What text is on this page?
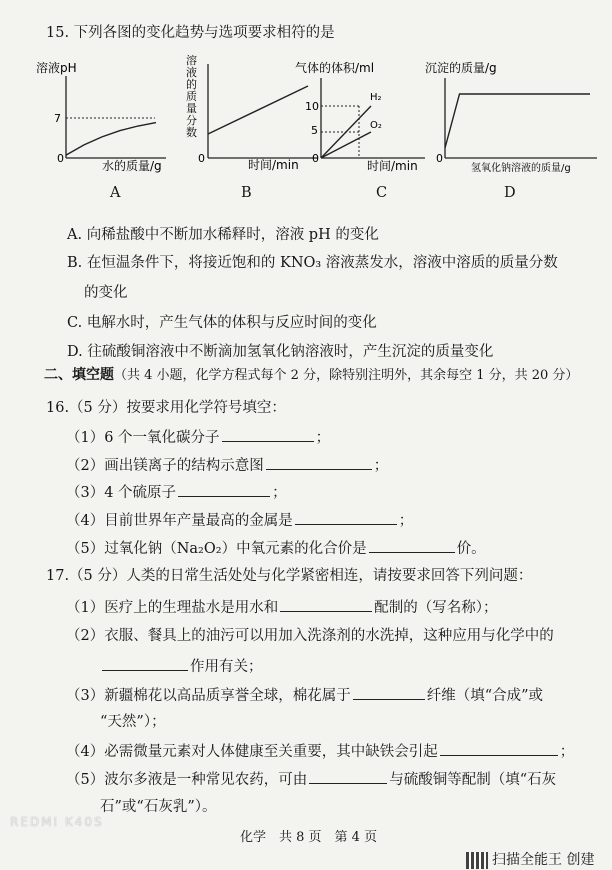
15. 下列各图的变化趋势与选项要求相符的是
溶液pH
7
0
水的质量/g
溶液的质量分数
0	时间/min
气体的体积/ml
10
5
0
H₂
O₂
时间/min
沉淀的质量/g
0
氢氧化钠溶液的质量/g
A	B	C	D
A. 向稀盐酸中不断加水稀释时，溶液 pH 的变化
B. 在恒温条件下，将接近饱和的 KNO₃ 溶液蒸发水，溶液中溶质的质量分数
的变化
C. 电解水时，产生气体的体积与反应时间的变化
D. 往硫酸铜溶液中不断滴加氢氧化钠溶液时，产生沉淀的质量变化
二、填空题（共 4 小题，化学方程式每个 2 分，除特别注明外，其余每空 1 分，共 20 分）
16.（5 分）按要求用化学符号填空：
（1）6 个一氧化碳分子	；
（2）画出镁离子的结构示意图	；
（3）4 个硫原子	；
（4）目前世界年产量最高的金属是	；
（5）过氧化钠（Na₂O₂）中氧元素的化合价是	价。
17.（5 分）人类的日常生活处处与化学紧密相连，请按要求回答下列问题：
（1）医疗上的生理盐水是用水和	配制的（写名称）；
（2）衣服、餐具上的油污可以用加入洗涤剂的水洗掉，这种应用与化学中的
作用有关；
（3）新疆棉花以高品质享誉全球，棉花属于	纤维（填“合成”或
“天然”）；
（4）必需微量元素对人体健康至关重要，其中缺铁会引起	；
（5）波尔多液是一种常见农药，可由	与硫酸铜等配制（填“石灰
石”或“石灰乳”）。
REDMI K40S
化学　共 8 页　第 4 页
扫描全能王 创建
